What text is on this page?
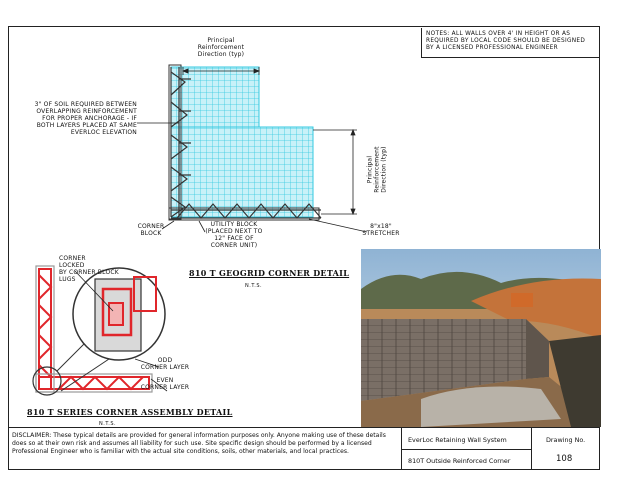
NOTES: ALL WALLS OVER 4' IN HEIGHT OR AS
REQUIRED BY LOCAL CODE SHOULD BE DESIGNED
BY A LICENSED PROFESSIONAL ENGINEER
Principal
Reinforcement
Direction (typ)

Principal
Reinforcement
Direction (typ)

3" OF SOIL REQUIRED BETWEEN
OVERLAPPING REINFORCEMENT
FOR PROPER ANCHORAGE - IF
BOTH LAYERS PLACED AT SAME
EVERLOC ELEVATION
CORNER
BLOCK
UTILITY BLOCK
(PLACED NEXT TO
12" FACE OF
CORNER UNIT)
8"x18"
STRETCHER
810 T GEOGRID CORNER DETAIL
N.T.S.
CORNER
LOCKED
BY CORNER BLOCK
LUGS
ODD
CORNER LAYER
EVEN
CORNER LAYER
810 T SERIES CORNER ASSEMBLY DETAIL
N.T.S.
DISCLAIMER: These typical details are provided for general information purposes only. Anyone making use of these details does so at their own risk and assumes all liability for such use. Site specific design should be performed by a licensed Professional Engineer who is familiar with the actual site conditions, soils, other materials, and local practices.
EverLoc Retaining Wall System
810T Outside Reinforced Corner
Drawing No.
108
